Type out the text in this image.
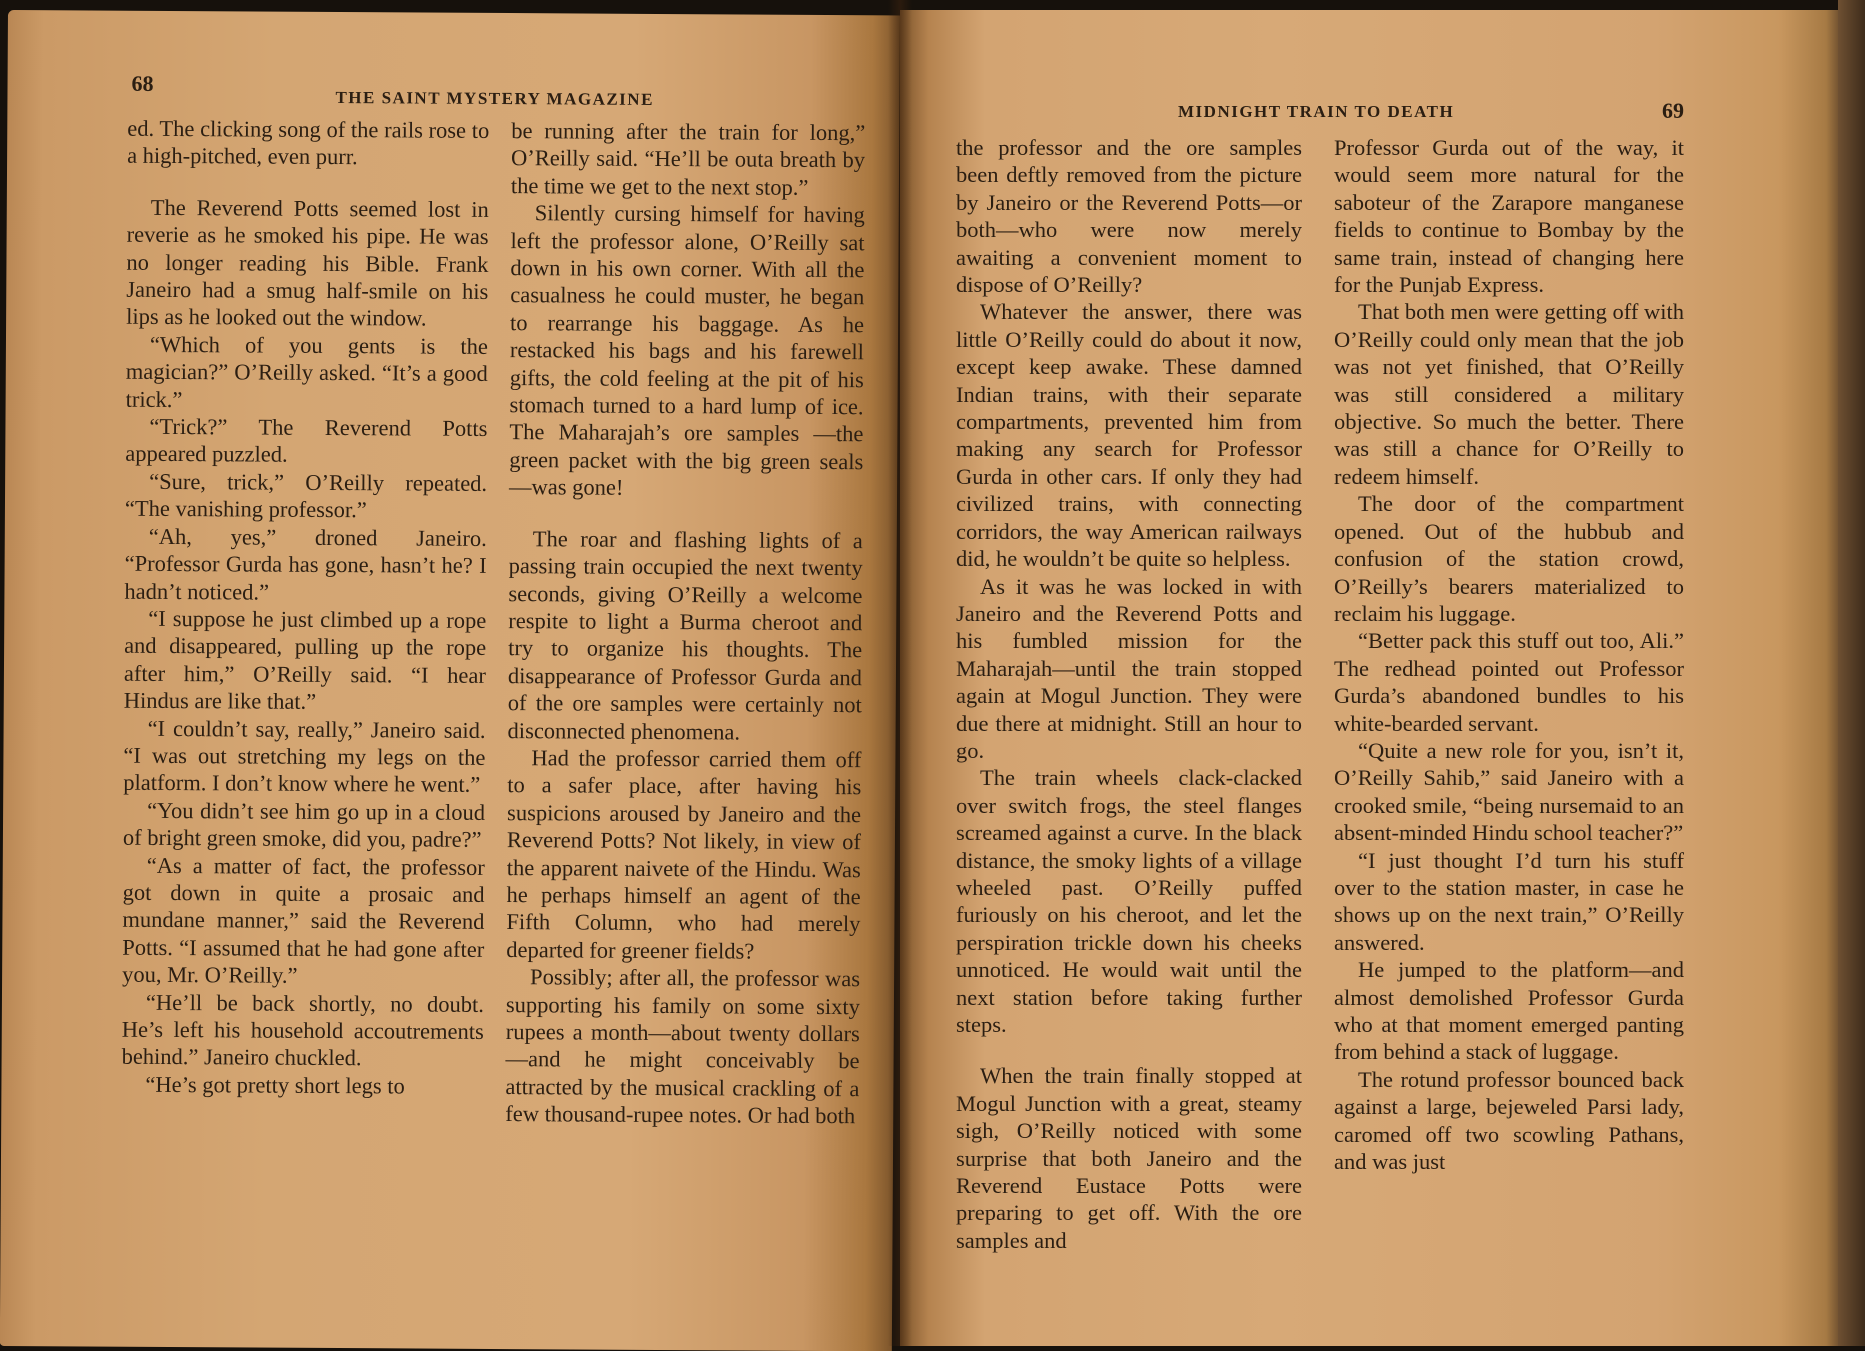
68
THE SAINT MYSTERY MAGAZINE

ed. The clicking song of the rails rose to a high-pitched, even purr.

The Reverend Potts seemed lost in reverie as he smoked his pipe. He was no longer reading his Bible. Frank Janeiro had a smug half-smile on his lips as he looked out the window.

“Which of you gents is the magician?” O’Reilly asked. “It’s a good trick.”

“Trick?” The Reverend Potts appeared puzzled.

“Sure, trick,” O’Reilly repeated. “The vanishing professor.”

“Ah, yes,” droned Janeiro. “Professor Gurda has gone, hasn’t he? I hadn’t noticed.”

“I suppose he just climbed up a rope and disappeared, pulling up the rope after him,” O’Reilly said. “I hear Hindus are like that.”

“I couldn’t say, really,” Janeiro said. “I was out stretching my legs on the platform. I don’t know where he went.”

“You didn’t see him go up in a cloud of bright green smoke, did you, padre?”

“As a matter of fact, the professor got down in quite a prosaic and mundane manner,” said the Reverend Potts. “I assumed that he had gone after you, Mr. O’Reilly.”

“He’ll be back shortly, no doubt. He’s left his household accoutrements behind.” Janeiro chuckled.

“He’s got pretty short legs to

be running after the train for long,” O’Reilly said. “He’ll be outa breath by the time we get to the next stop.”

Silently cursing himself for having left the professor alone, O’Reilly sat down in his own corner. With all the casualness he could muster, he began to rearrange his baggage. As he restacked his bags and his farewell gifts, the cold feeling at the pit of his stomach turned to a hard lump of ice. The Maharajah’s ore samples —the green packet with the big green seals—was gone!

The roar and flashing lights of a passing train occupied the next twenty seconds, giving O’Reilly a welcome respite to light a Burma cheroot and try to organize his thoughts. The disappearance of Professor Gurda and of the ore samples were certainly not disconnected phenomena.

Had the professor carried them off to a safer place, after having his suspicions aroused by Janeiro and the Reverend Potts? Not likely, in view of the apparent naivete of the Hindu. Was he perhaps himself an agent of the Fifth Column, who had merely departed for greener fields?

Possibly; after all, the professor was supporting his family on some sixty rupees a month—about twenty dollars—and he might conceivably be attracted by the musical crackling of a few thousand-rupee notes. Or had both

MIDNIGHT TRAIN TO DEATH	69

the professor and the ore samples been deftly removed from the picture by Janeiro or the Reverend Potts—or both—who were now merely awaiting a convenient moment to dispose of O’Reilly?

Whatever the answer, there was little O’Reilly could do about it now, except keep awake. These damned Indian trains, with their separate compartments, prevented him from making any search for Professor Gurda in other cars. If only they had civilized trains, with connecting corridors, the way American railways did, he wouldn’t be quite so helpless.

As it was he was locked in with Janeiro and the Reverend Potts and his fumbled mission for the Maharajah—until the train stopped again at Mogul Junction. They were due there at midnight. Still an hour to go.

The train wheels clack-clacked over switch frogs, the steel flanges screamed against a curve. In the black distance, the smoky lights of a village wheeled past. O’Reilly puffed furiously on his cheroot, and let the perspiration trickle down his cheeks unnoticed. He would wait until the next station before taking further steps.

When the train finally stopped at Mogul Junction with a great, steamy sigh, O’Reilly noticed with some surprise that both Janeiro and the Reverend Eustace Potts were preparing to get off. With the ore samples and

Professor Gurda out of the way, it would seem more natural for the saboteur of the Zarapore manganese fields to continue to Bombay by the same train, instead of changing here for the Punjab Express.

That both men were getting off with O’Reilly could only mean that the job was not yet finished, that O’Reilly was still considered a military objective. So much the better. There was still a chance for O’Reilly to redeem himself.

The door of the compartment opened. Out of the hubbub and confusion of the station crowd, O’Reilly’s bearers materialized to reclaim his luggage.

“Better pack this stuff out too, Ali.” The redhead pointed out Professor Gurda’s abandoned bundles to his white-bearded servant.

“Quite a new role for you, isn’t it, O’Reilly Sahib,” said Janeiro with a crooked smile, “being nursemaid to an absent-minded Hindu school teacher?”

“I just thought I’d turn his stuff over to the station master, in case he shows up on the next train,” O’Reilly answered.

He jumped to the platform—and almost demolished Professor Gurda who at that moment emerged panting from behind a stack of luggage.

The rotund professor bounced back against a large, bejeweled Parsi lady, caromed off two scowling Pathans, and was just
